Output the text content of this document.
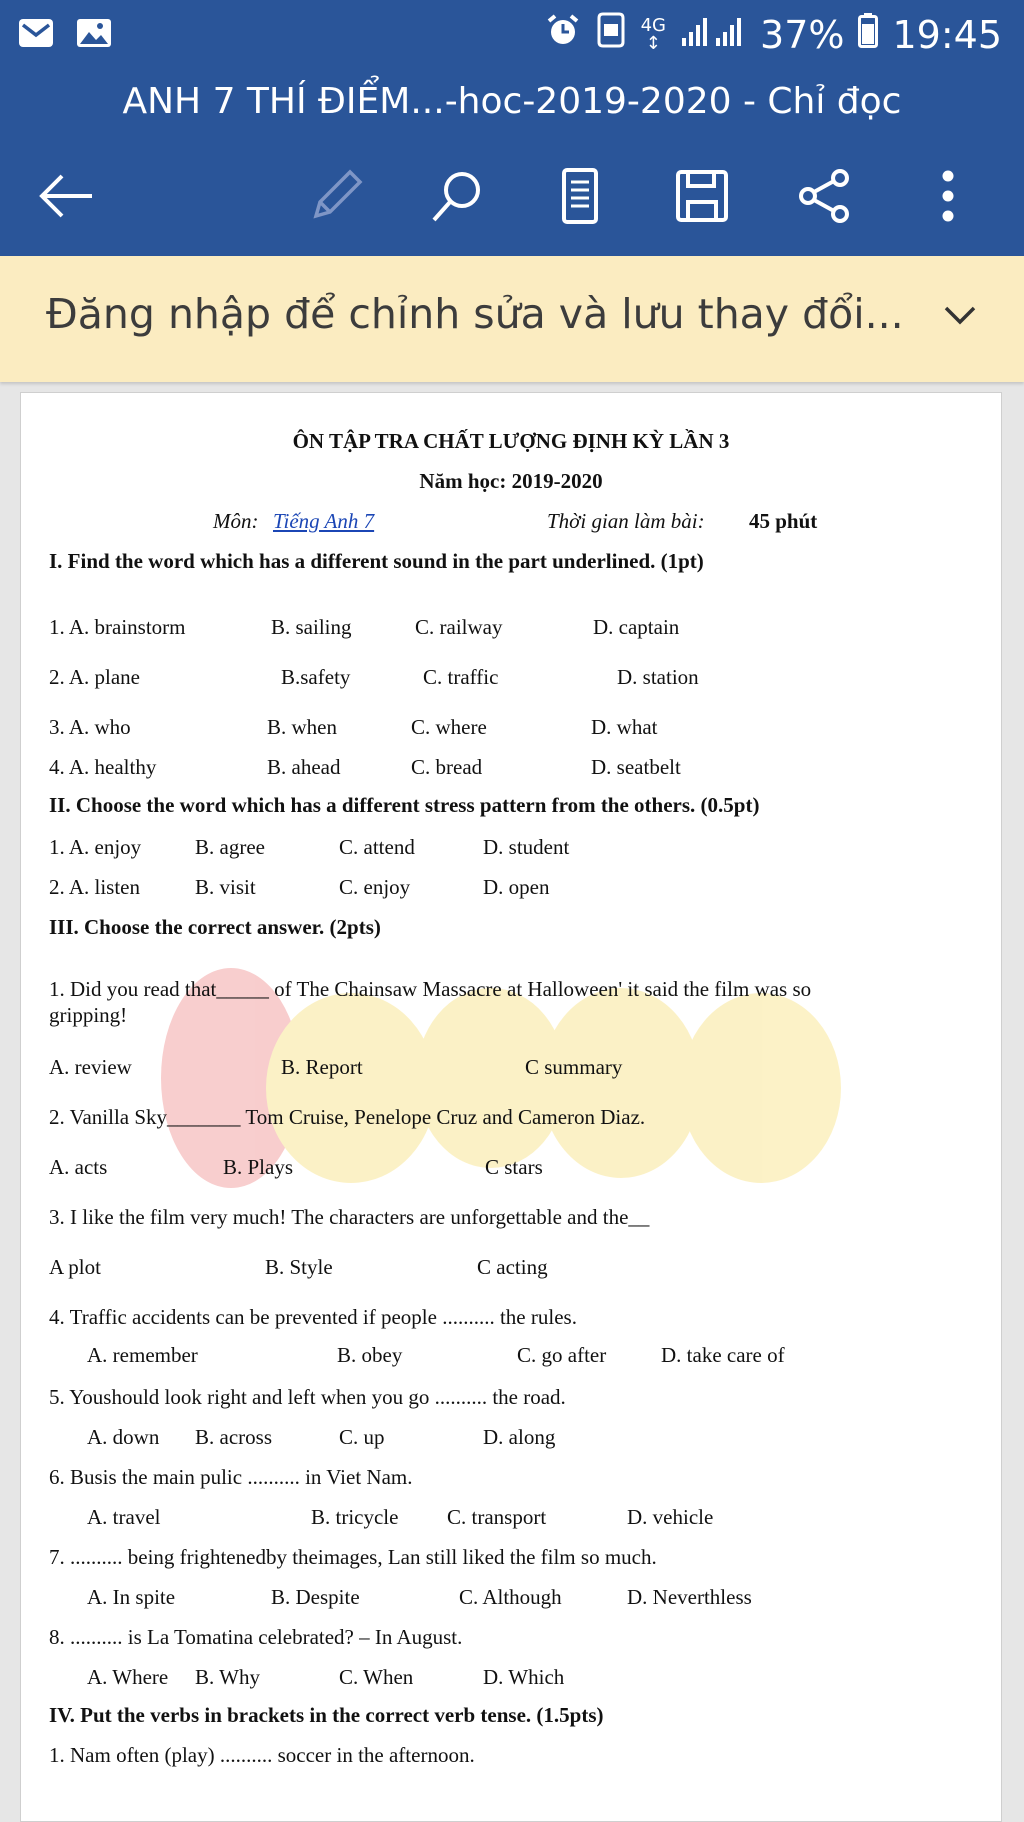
4G
↕	37% 19:45
ANH 7 THÍ ĐIỂM...-hoc-2019-2020 - Chỉ đọc
Đăng nhập để chỉnh sửa và lưu thay đổi...
ÔN TẬP TRA CHẤT LƯỢNG ĐỊNH KỲ LẦN 3
Năm học: 2019-2020
Môn: Tiếng Anh 7	Thời gian làm bài: 45 phút
I. Find the word which has a different sound in the part underlined. (1pt)
1. A. brainstorm	B. sailing	C. railway	D. captain
2. A. plane	B.safety	C. traffic	D. station
3. A. who	B. when	C. where	D. what
4. A. healthy	B. ahead	C. bread	D. seatbelt
II. Choose the word which has a different stress pattern from the others. (0.5pt)
1. A. enjoy	B. agree	C. attend	D. student
2. A. listen	B. visit	C. enjoy	D. open
III. Choose the correct answer. (2pts)
1. Did you read that_____ of The Chainsaw Massacre at Halloween' it said the film was so
gripping!
A. review	B. Report	C summary
2. Vanilla Sky_______ Tom Cruise, Penelope Cruz and Cameron Diaz.
A. acts	B. Plays	C stars
3. I like the film very much! The characters are unforgettable and the__
A plot	B. Style	C acting
4. Traffic accidents can be prevented if people .......... the rules.
A. remember	B. obey	C. go after	D. take care of
5. Youshould look right and left when you go .......... the road.
A. down B. across	C. up	D. along
6. Busis the main pulic .......... in Viet Nam.
A. travel	B. tricycle C. transport	D. vehicle
7. .......... being frightenedby theimages, Lan still liked the film so much.
A. In spite	B. Despite	C. Although	D. Neverthless
8. .......... is La Tomatina celebrated? – In August.
A. Where B. Why	C. When	D. Which
IV. Put the verbs in brackets in the correct verb tense. (1.5pts)
1. Nam often (play) .......... soccer in the afternoon.
